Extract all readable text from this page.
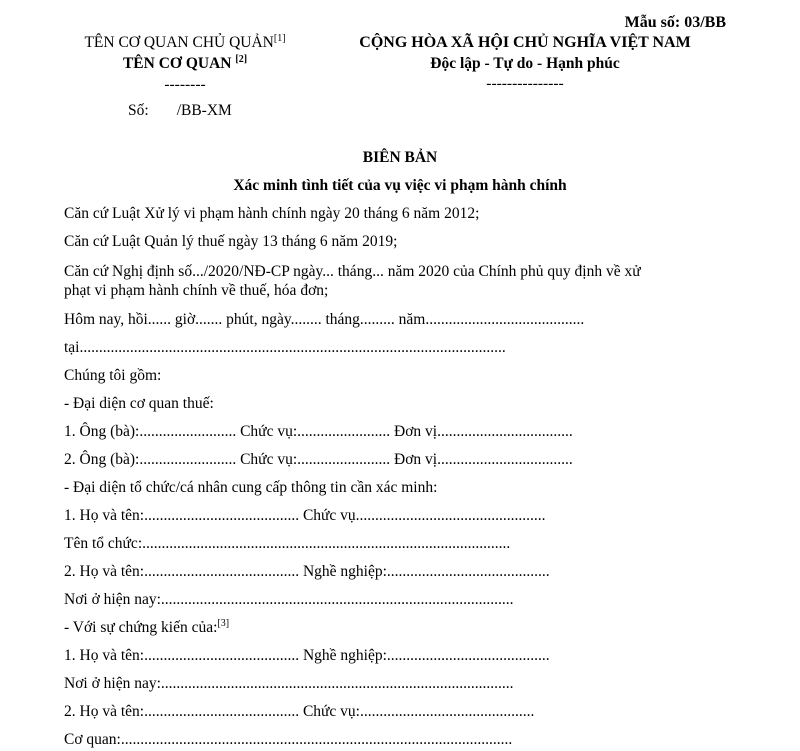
Mẫu số: 03/BB
TÊN CƠ QUAN CHỦ QUẢN[1]
TÊN CƠ QUAN [2]
--------
Số: /BB-XM
CỘNG HÒA XÃ HỘI CHỦ NGHĨA VIỆT NAM
Độc lập - Tự do - Hạnh phúc
---------------
BIÊN BẢN
Xác minh tình tiết của vụ việc vi phạm hành chính
Căn cứ Luật Xử lý vi phạm hành chính ngày 20 tháng 6 năm 2012;
Căn cứ Luật Quản lý thuế ngày 13 tháng 6 năm 2019;
Căn cứ Nghị định số.../2020/NĐ-CP ngày... tháng... năm 2020 của Chính phủ quy định về xử
phạt vi phạm hành chính về thuế, hóa đơn;
Hôm nay, hồi...... giờ....... phút, ngày........ tháng......... năm.........................................
tại..............................................................................................................
Chúng tôi gồm:
- Đại diện cơ quan thuế:
1. Ông (bà):......................... Chức vụ:........................ Đơn vị...................................
2. Ông (bà):......................... Chức vụ:........................ Đơn vị...................................
- Đại diện tổ chức/cá nhân cung cấp thông tin cần xác minh:
1. Họ và tên:........................................ Chức vụ.................................................
Tên tổ chức:...............................................................................................
2. Họ và tên:........................................ Nghề nghiệp:..........................................
Nơi ở hiện nay:...........................................................................................
- Với sự chứng kiến của:[3]
1. Họ và tên:........................................ Nghề nghiệp:..........................................
Nơi ở hiện nay:...........................................................................................
2. Họ và tên:........................................ Chức vụ:.............................................
Cơ quan:.....................................................................................................
